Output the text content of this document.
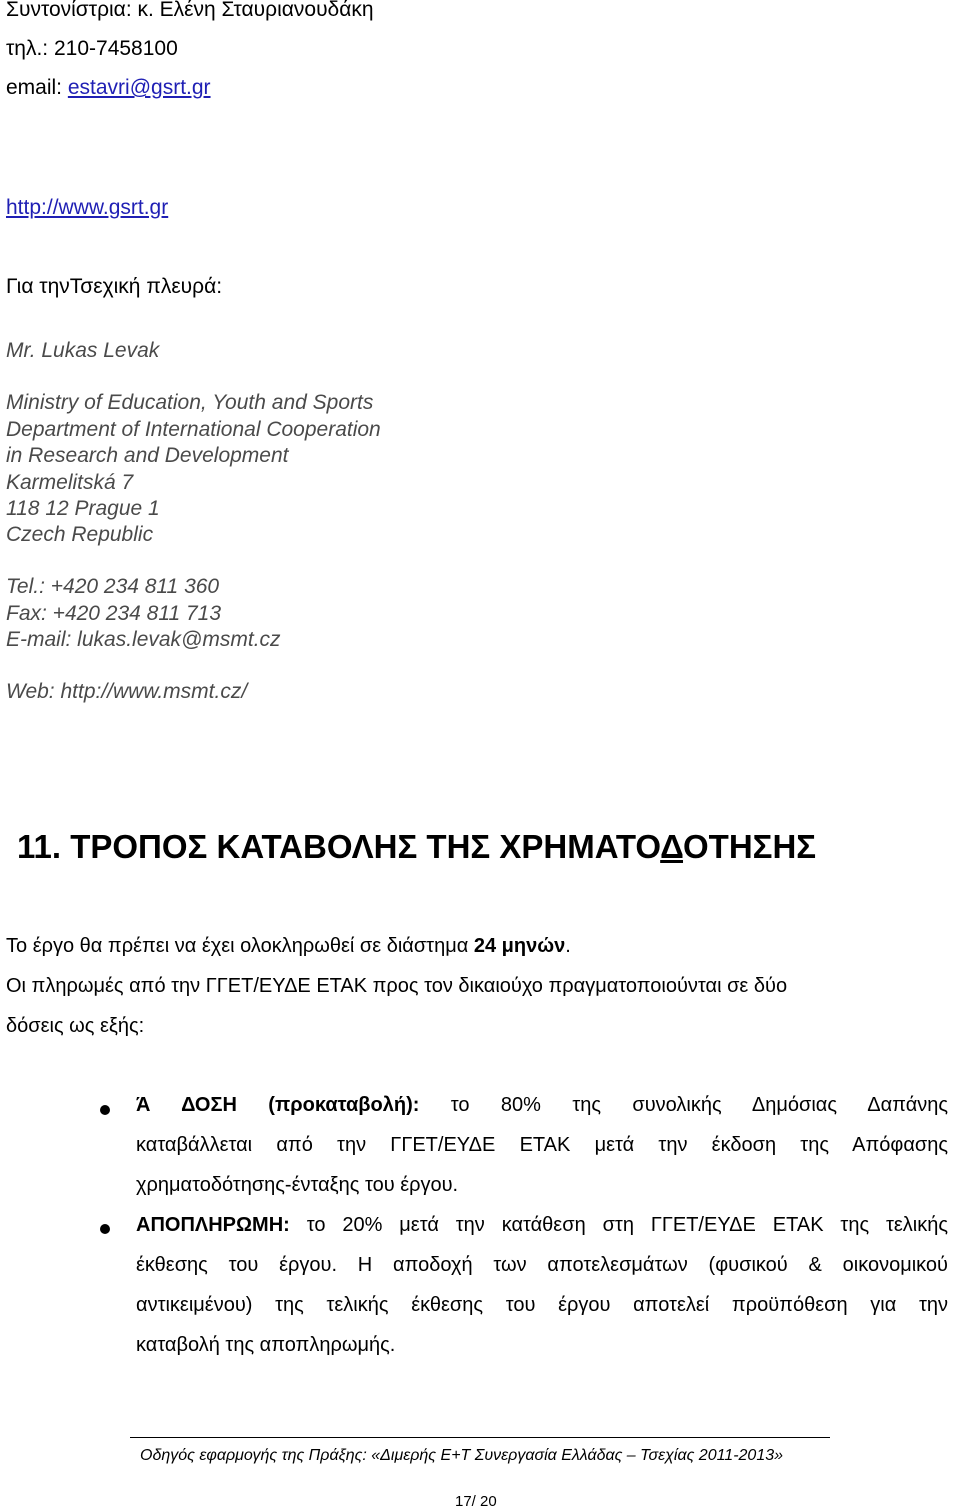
Συντονίστρια: κ. Ελένη Σταυριανουδάκη
τηλ.: 210-7458100
email: estavri@gsrt.gr
http://www.gsrt.gr
Για τηνΤσεχική πλευρά:
Mr. Lukas Levak
Ministry of Education, Youth and Sports
Department of International Cooperation
in Research and Development
Karmelitská 7
118 12 Prague 1
Czech Republic
Tel.: +420 234 811 360
Fax: +420 234 811 713
E-mail: lukas.levak@msmt.cz
Web: http://www.msmt.cz/
11. ΤΡΟΠΟΣ ΚΑΤΑΒΟΛΗΣ ΤΗΣ ΧΡΗΜΑΤΟΔΟΤΗΣΗΣ
Το έργο θα πρέπει να έχει ολοκληρωθεί σε διάστημα 24 μηνών.
Οι πληρωμές από την ΓΓΕΤ/ΕΥΔΕ ΕΤΑΚ προς τον δικαιούχο πραγματοποιούνται σε δύο
δόσεις ως εξής:
Ά ΔΟΣΗ (προκαταβολή): το 80% της συνολικής Δημόσιας Δαπάνης
καταβάλλεται από την ΓΓΕΤ/ΕΥΔΕ ΕΤΑΚ μετά την έκδοση της Απόφασης
χρηματοδότησης-ένταξης του έργου.
ΑΠΟΠΛΗΡΩΜΗ: το 20% μετά την κατάθεση στη ΓΓΕΤ/ΕΥΔΕ ΕΤΑΚ της τελικής
έκθεσης του έργου. Η αποδοχή των αποτελεσμάτων (φυσικού & οικονομικού
αντικειμένου) της τελικής έκθεσης του έργου αποτελεί προϋπόθεση για την
καταβολή της αποπληρωμής.
Οδηγός εφαρμογής της Πράξης: «Διμερής Ε+Τ Συνεργασία Ελλάδας – Τσεχίας 2011-2013»
17/ 20
